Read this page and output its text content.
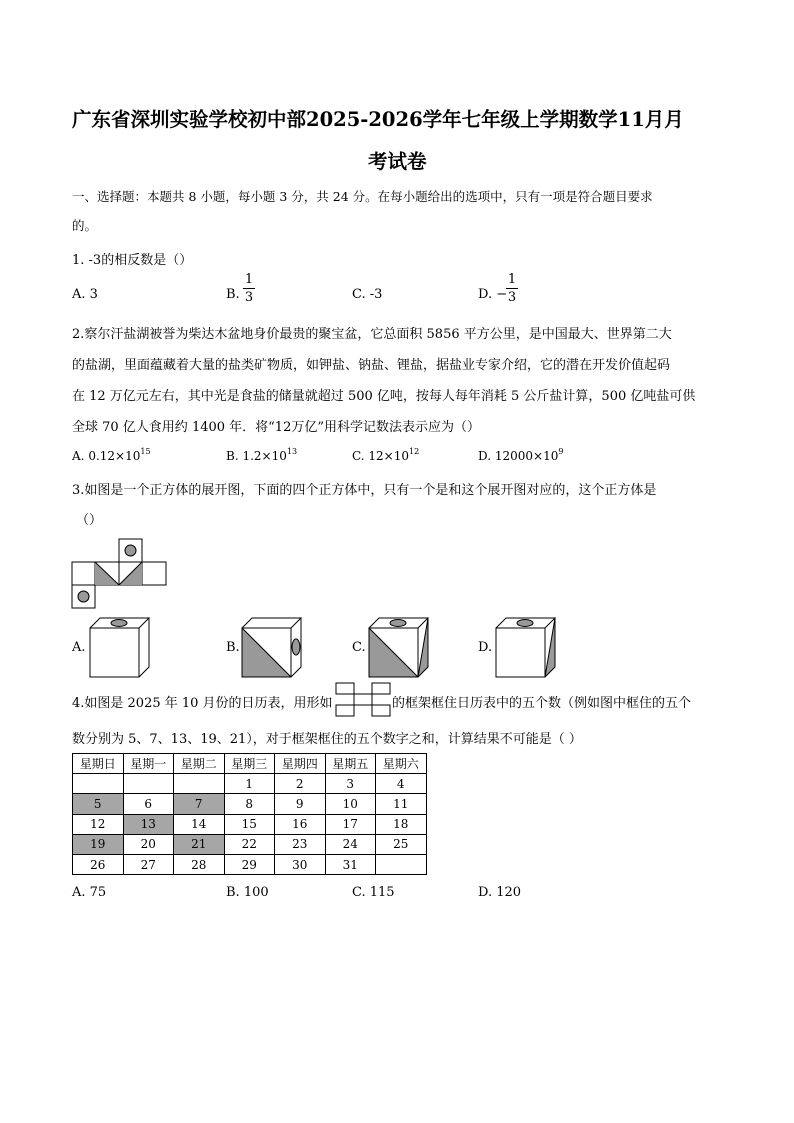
广东省深圳实验学校初中部2025-2026学年七年级上学期数学11月月
考试卷
一、选择题：本题共 8 小题，每小题 3 分，共 24 分。在每小题给出的选项中，只有一项是符合题目要求
的。
1. -3的相反数是（）
A. 3	B.
1
3	C. -3	D. −
1
3
2.察尔汗盐湖被誉为柴达木盆地身价最贵的聚宝盆，它总面积 5856 平方公里，是中国最大、世界第二大
的盐湖，里面蕴藏着大量的盐类矿物质，如钾盐、钠盐、锂盐，据盐业专家介绍，它的潜在开发价值起码
在 12 万亿元左右，其中光是食盐的储量就超过 500 亿吨，按每人每年消耗 5 公斤盐计算，500 亿吨盐可供
全球 70 亿人食用约 1400 年．将“12万亿”用科学记数法表示应为（）
A. $0.12\times 10^{15}$	B. $1.2\times 10^{13}$	C. $12\times 10^{12}$	D. $12000\times 10^9$
3.如图是一个正方体的展开图，下面的四个正方体中，只有一个是和这个展开图对应的，这个正方体是
（）
A.	B.	C.	D.
4.如图是 2025 年 10 月份的日历表，用形如	的框架框住日历表中的五个数（例如图中框住的五个
数分别为 5、7、13、19、21），对于框架框住的五个数字之和，计算结果不可能是（ ）
星期日	星期一	星期二	星期三	星期四	星期五	星期六
			1	2	3	4
5	6	7	8	9	10	11
12	13	14	15	16	17	18
19	20	21	22	23	24	25
26	27	28	29	30	31	
A. 75	B. 100	C. 115	D. 120
